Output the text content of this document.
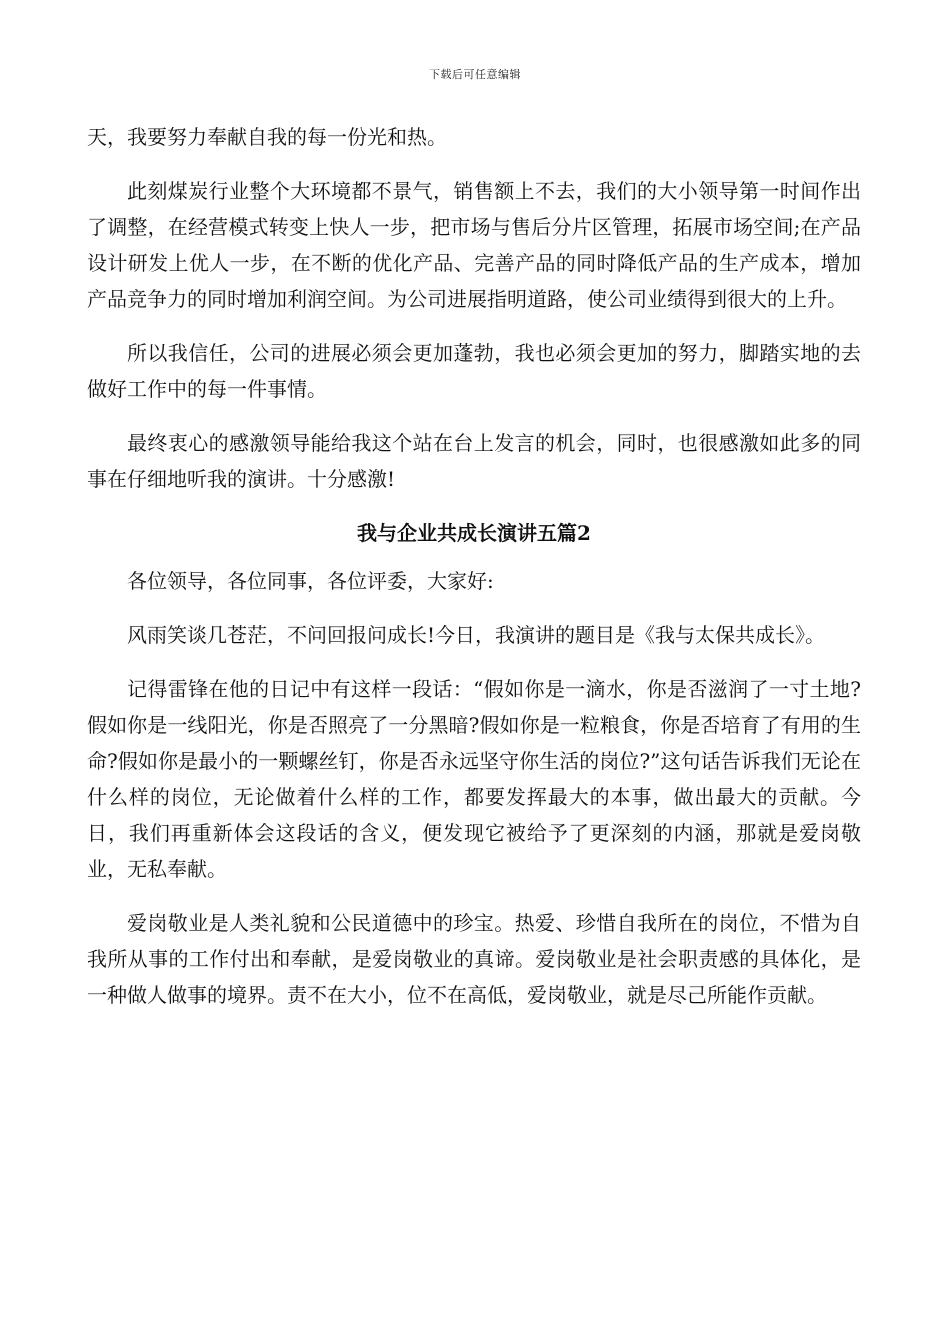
下载后可任意编辑

天，我要努力奉献自我的每一份光和热。

此刻煤炭行业整个大环境都不景气，销售额上不去，我们的大小领导第一时间作出了调整，在经营模式转变上快人一步，把市场与售后分片区管理，拓展市场空间;在产品设计研发上优人一步，在不断的优化产品、完善产品的同时降低产品的生产成本，增加产品竞争力的同时增加利润空间。为公司进展指明道路，使公司业绩得到很大的上升。

所以我信任，公司的进展必须会更加蓬勃，我也必须会更加的努力，脚踏实地的去做好工作中的每一件事情。

最终衷心的感激领导能给我这个站在台上发言的机会，同时，也很感激如此多的同事在仔细地听我的演讲。十分感激!

我与企业共成长演讲五篇2

各位领导，各位同事，各位评委，大家好:

风雨笑谈几苍茫，不问回报问成长!今日，我演讲的题目是《我与太保共成长》。

记得雷锋在他的日记中有这样一段话：“假如你是一滴水，你是否滋润了一寸土地?假如你是一线阳光，你是否照亮了一分黑暗?假如你是一粒粮食，你是否培育了有用的生命?假如你是最小的一颗螺丝钉，你是否永远坚守你生活的岗位?”这句话告诉我们无论在什么样的岗位，无论做着什么样的工作，都要发挥最大的本事，做出最大的贡献。今日，我们再重新体会这段话的含义，便发现它被给予了更深刻的内涵，那就是爱岗敬业，无私奉献。

爱岗敬业是人类礼貌和公民道德中的珍宝。热爱、珍惜自我所在的岗位，不惜为自我所从事的工作付出和奉献，是爱岗敬业的真谛。爱岗敬业是社会职责感的具体化，是一种做人做事的境界。责不在大小，位不在高低，爱岗敬业，就是尽己所能作贡献。
